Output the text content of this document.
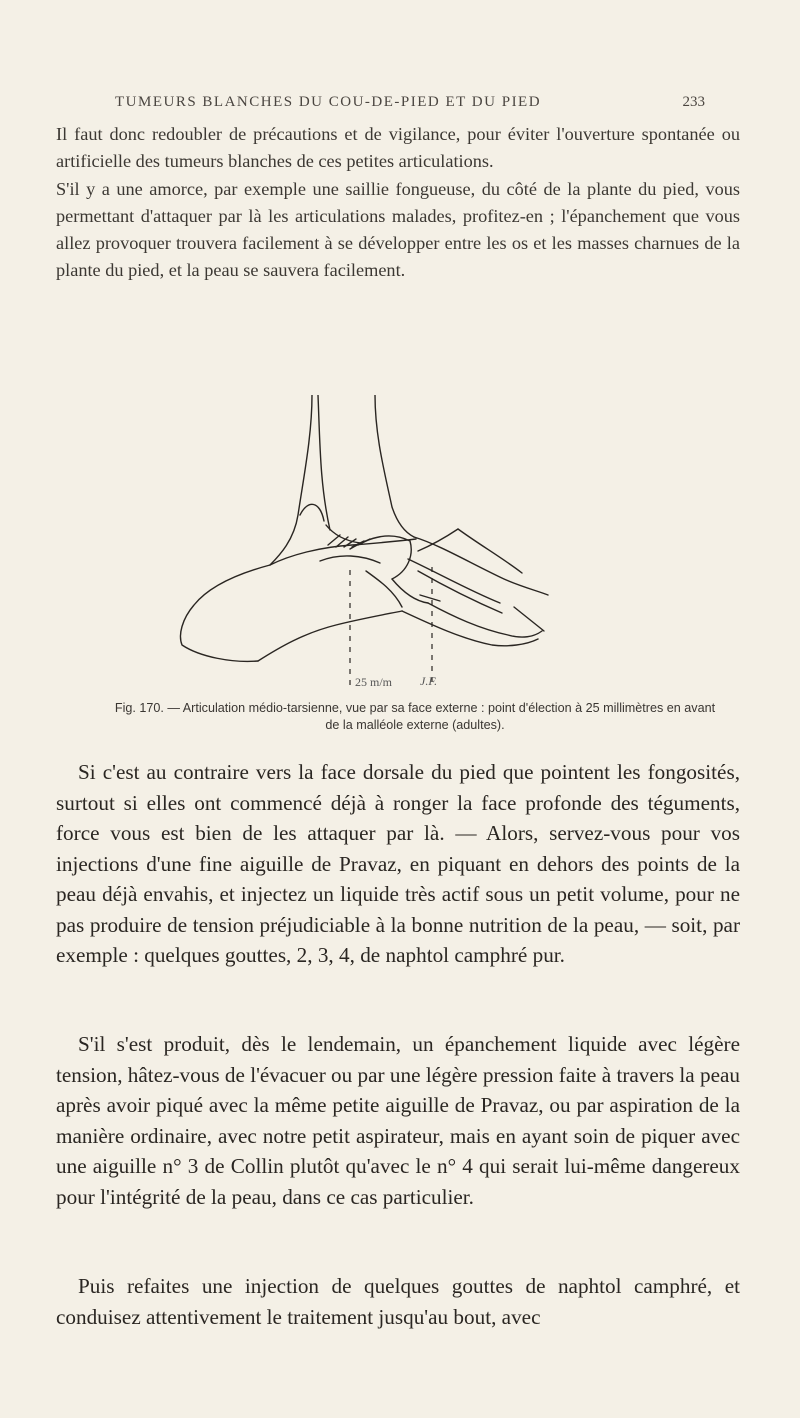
TUMEURS BLANCHES DU COU-DE-PIED ET DU PIED	233

Il faut donc redoubler de précautions et de vigilance, pour éviter l'ouverture spontanée ou artificielle des tumeurs blanches de ces petites articulations.

S'il y a une amorce, par exemple une saillie fongueuse, du côté de la plante du pied, vous permettant d'attaquer par là les articulations malades, profitez-en ; l'épanchement que vous allez provoquer trouvera facilement à se développer entre les os et les masses charnues de la plante du pied, et la peau se sauvera facilement.

25 m/m J.F.

Fig. 170. — Articulation médio-tarsienne, vue par sa face externe : point d'élection à 25 millimètres en avant de la malléole externe (adultes).

Si c'est au contraire vers la face dorsale du pied que pointent les fongosités, surtout si elles ont commencé déjà à ronger la face profonde des téguments, force vous est bien de les attaquer par là. — Alors, servez-vous pour vos injections d'une fine aiguille de Pravaz, en piquant en dehors des points de la peau déjà envahis, et injectez un liquide très actif sous un petit volume, pour ne pas produire de tension préjudiciable à la bonne nutrition de la peau, — soit, par exemple : quelques gouttes, 2, 3, 4, de naphtol camphré pur.

S'il s'est produit, dès le lendemain, un épanchement liquide avec légère tension, hâtez-vous de l'évacuer ou par une légère pression faite à travers la peau après avoir piqué avec la même petite aiguille de Pravaz, ou par aspiration de la manière ordinaire, avec notre petit aspirateur, mais en ayant soin de piquer avec une aiguille n° 3 de Collin plutôt qu'avec le n° 4 qui serait lui-même dangereux pour l'intégrité de la peau, dans ce cas particulier.

Puis refaites une injection de quelques gouttes de naphtol camphré, et conduisez attentivement le traitement jusqu'au bout, avec
